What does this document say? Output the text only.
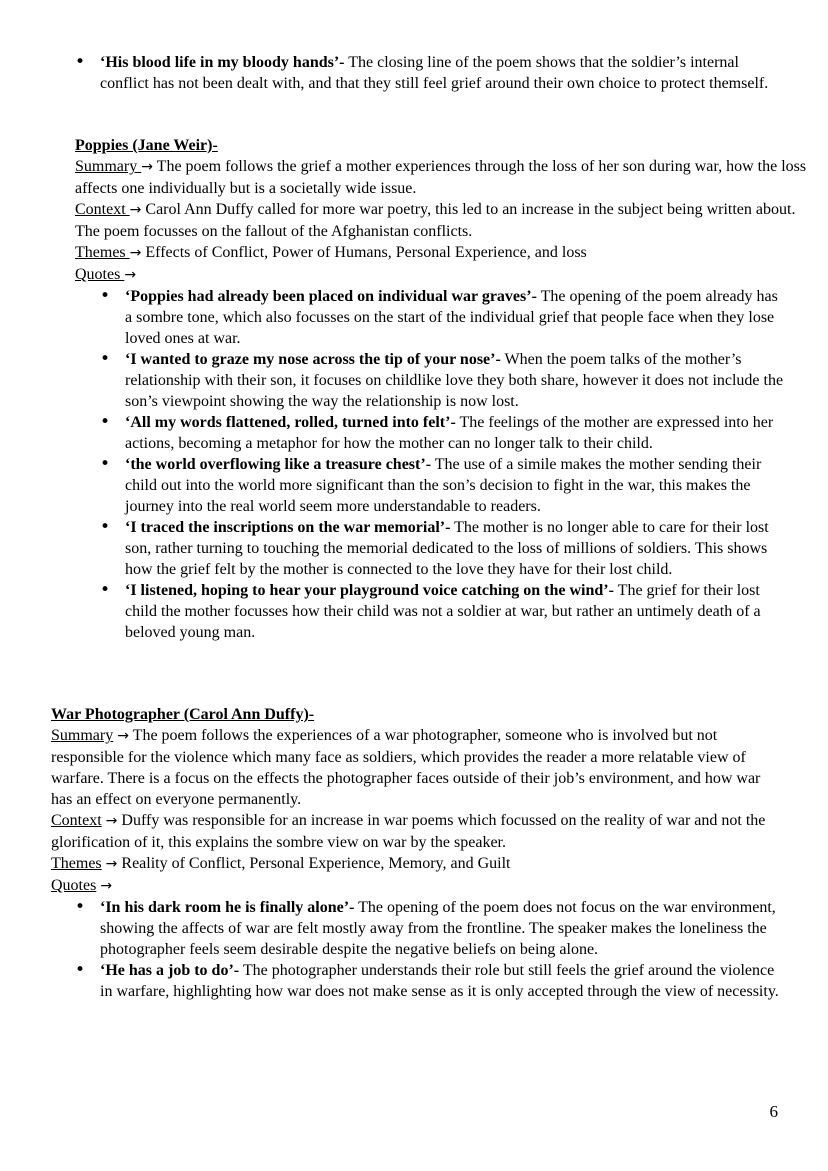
• ‘His blood life in my bloody hands’- The closing line of the poem shows that the soldier’s internal conflict has not been dealt with, and that they still feel grief around their own choice to protect themself.
Poppies (Jane Weir)-
Summary → The poem follows the grief a mother experiences through the loss of her son during war, how the loss affects one individually but is a societally wide issue.
Context → Carol Ann Duffy called for more war poetry, this led to an increase in the subject being written about. The poem focusses on the fallout of the Afghanistan conflicts.
Themes → Effects of Conflict, Power of Humans, Personal Experience, and loss
Quotes →
• ‘Poppies had already been placed on individual war graves’- The opening of the poem already has a sombre tone, which also focusses on the start of the individual grief that people face when they lose loved ones at war.
• ‘I wanted to graze my nose across the tip of your nose’- When the poem talks of the mother’s relationship with their son, it focuses on childlike love they both share, however it does not include the son’s viewpoint showing the way the relationship is now lost.
• ‘All my words flattened, rolled, turned into felt’- The feelings of the mother are expressed into her actions, becoming a metaphor for how the mother can no longer talk to their child.
• ‘the world overflowing like a treasure chest’- The use of a simile makes the mother sending their child out into the world more significant than the son’s decision to fight in the war, this makes the journey into the real world seem more understandable to readers.
• ‘I traced the inscriptions on the war memorial’- The mother is no longer able to care for their lost son, rather turning to touching the memorial dedicated to the loss of millions of soldiers. This shows how the grief felt by the mother is connected to the love they have for their lost child.
• ‘I listened, hoping to hear your playground voice catching on the wind’- The grief for their lost child the mother focusses how their child was not a soldier at war, but rather an untimely death of a beloved young man.
War Photographer (Carol Ann Duffy)-
Summary → The poem follows the experiences of a war photographer, someone who is involved but not responsible for the violence which many face as soldiers, which provides the reader a more relatable view of warfare. There is a focus on the effects the photographer faces outside of their job’s environment, and how war has an effect on everyone permanently.
Context → Duffy was responsible for an increase in war poems which focussed on the reality of war and not the glorification of it, this explains the sombre view on war by the speaker.
Themes → Reality of Conflict, Personal Experience, Memory, and Guilt
Quotes →
• ‘In his dark room he is finally alone’- The opening of the poem does not focus on the war environment, showing the affects of war are felt mostly away from the frontline. The speaker makes the loneliness the photographer feels seem desirable despite the negative beliefs on being alone.
• ‘He has a job to do’- The photographer understands their role but still feels the grief around the violence in warfare, highlighting how war does not make sense as it is only accepted through the view of necessity.
6
